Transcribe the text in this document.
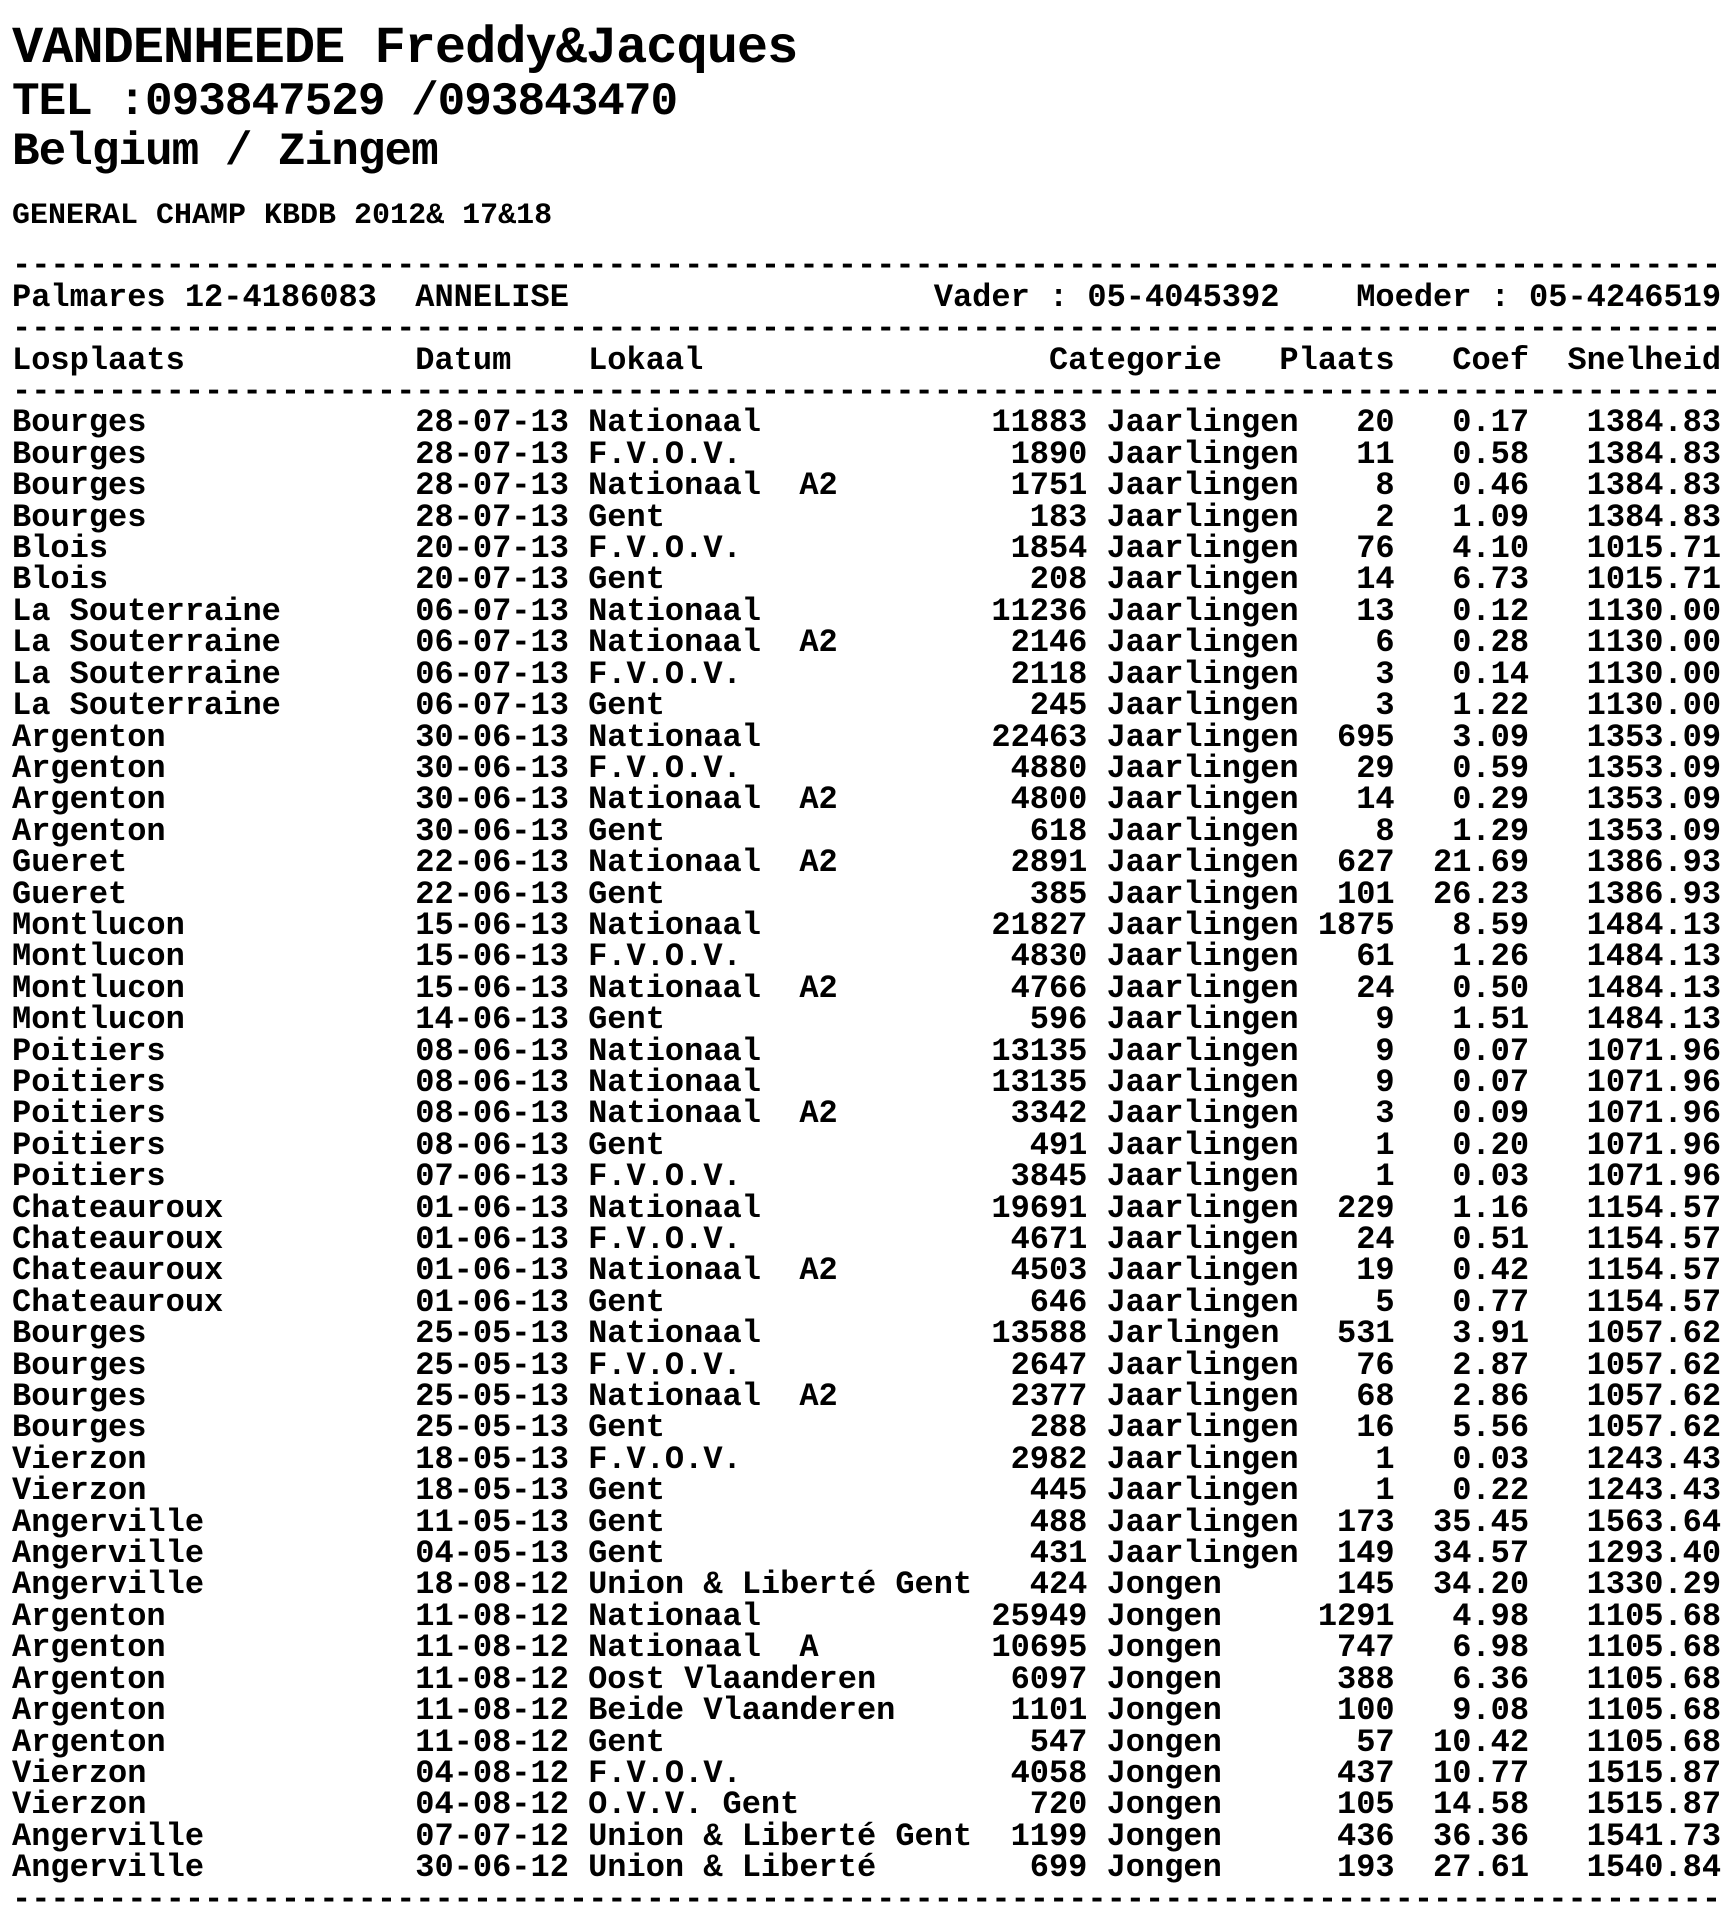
VANDENHEEDE Freddy&Jacques
TEL :093847529 /093843470
Belgium / Zingem
GENERAL CHAMP KBDB 2012& 17&18
-----------------------------------------------------------------------------------------
Palmares 12-4186083  ANNELISE	Vader : 05-4045392	Moeder : 05-4246519
-----------------------------------------------------------------------------------------
Losplaats	Datum	Lokaal	Categorie	Plaats	Coef	Snelheid
-----------------------------------------------------------------------------------------
Bourges	28-07-13 Nationaal	11883 Jaarlingen	20	0.17	1384.83
Bourges	28-07-13 F.V.O.V.	1890 Jaarlingen	11	0.58	1384.83
Bourges	28-07-13 Nationaal  A2	1751 Jaarlingen	8	0.46	1384.83
Bourges	28-07-13 Gent	183 Jaarlingen	2	1.09	1384.83
Blois	20-07-13 F.V.O.V.	1854 Jaarlingen	76	4.10	1015.71
Blois	20-07-13 Gent	208 Jaarlingen	14	6.73	1015.71
La Souterraine	06-07-13 Nationaal	11236 Jaarlingen	13	0.12	1130.00
La Souterraine	06-07-13 Nationaal  A2	2146 Jaarlingen	6	0.28	1130.00
La Souterraine	06-07-13 F.V.O.V.	2118 Jaarlingen	3	0.14	1130.00
La Souterraine	06-07-13 Gent	245 Jaarlingen	3	1.22	1130.00
Argenton	30-06-13 Nationaal	22463 Jaarlingen	695	3.09	1353.09
Argenton	30-06-13 F.V.O.V.	4880 Jaarlingen	29	0.59	1353.09
Argenton	30-06-13 Nationaal  A2	4800 Jaarlingen	14	0.29	1353.09
Argenton	30-06-13 Gent	618 Jaarlingen	8	1.29	1353.09
Gueret	22-06-13 Nationaal  A2	2891 Jaarlingen	627	21.69	1386.93
Gueret	22-06-13 Gent	385 Jaarlingen	101	26.23	1386.93
Montlucon	15-06-13 Nationaal	21827 Jaarlingen 1875	8.59	1484.13
Montlucon	15-06-13 F.V.O.V.	4830 Jaarlingen	61	1.26	1484.13
Montlucon	15-06-13 Nationaal  A2	4766 Jaarlingen	24	0.50	1484.13
Montlucon	14-06-13 Gent	596 Jaarlingen	9	1.51	1484.13
Poitiers	08-06-13 Nationaal	13135 Jaarlingen	9	0.07	1071.96
Poitiers	08-06-13 Nationaal	13135 Jaarlingen	9	0.07	1071.96
Poitiers	08-06-13 Nationaal  A2	3342 Jaarlingen	3	0.09	1071.96
Poitiers	08-06-13 Gent	491 Jaarlingen	1	0.20	1071.96
Poitiers	07-06-13 F.V.O.V.	3845 Jaarlingen	1	0.03	1071.96
Chateauroux	01-06-13 Nationaal	19691 Jaarlingen	229	1.16	1154.57
Chateauroux	01-06-13 F.V.O.V.	4671 Jaarlingen	24	0.51	1154.57
Chateauroux	01-06-13 Nationaal  A2	4503 Jaarlingen	19	0.42	1154.57
Chateauroux	01-06-13 Gent	646 Jaarlingen	5	0.77	1154.57
Bourges	25-05-13 Nationaal	13588 Jarlingen	531	3.91	1057.62
Bourges	25-05-13 F.V.O.V.	2647 Jaarlingen	76	2.87	1057.62
Bourges	25-05-13 Nationaal  A2	2377 Jaarlingen	68	2.86	1057.62
Bourges	25-05-13 Gent	288 Jaarlingen	16	5.56	1057.62
Vierzon	18-05-13 F.V.O.V.	2982 Jaarlingen	1	0.03	1243.43
Vierzon	18-05-13 Gent	445 Jaarlingen	1	0.22	1243.43
Angerville	11-05-13 Gent	488 Jaarlingen	173	35.45	1563.64
Angerville	04-05-13 Gent	431 Jaarlingen	149	34.57	1293.40
Angerville	18-08-12 Union & Liberté Gent	424 Jongen	145	34.20	1330.29
Argenton	11-08-12 Nationaal	25949 Jongen	1291	4.98	1105.68
Argenton	11-08-12 Nationaal  A	10695 Jongen	747	6.98	1105.68
Argenton	11-08-12 Oost Vlaanderen	6097 Jongen	388	6.36	1105.68
Argenton	11-08-12 Beide Vlaanderen	1101 Jongen	100	9.08	1105.68
Argenton	11-08-12 Gent	547 Jongen	57	10.42	1105.68
Vierzon	04-08-12 F.V.O.V.	4058 Jongen	437	10.77	1515.87
Vierzon	04-08-12 O.V.V. Gent	720 Jongen	105	14.58	1515.87
Angerville	07-07-12 Union & Liberté Gent	1199 Jongen	436	36.36	1541.73
Angerville	30-06-12 Union & Liberté	699 Jongen	193	27.61	1540.84
-----------------------------------------------------------------------------------------
